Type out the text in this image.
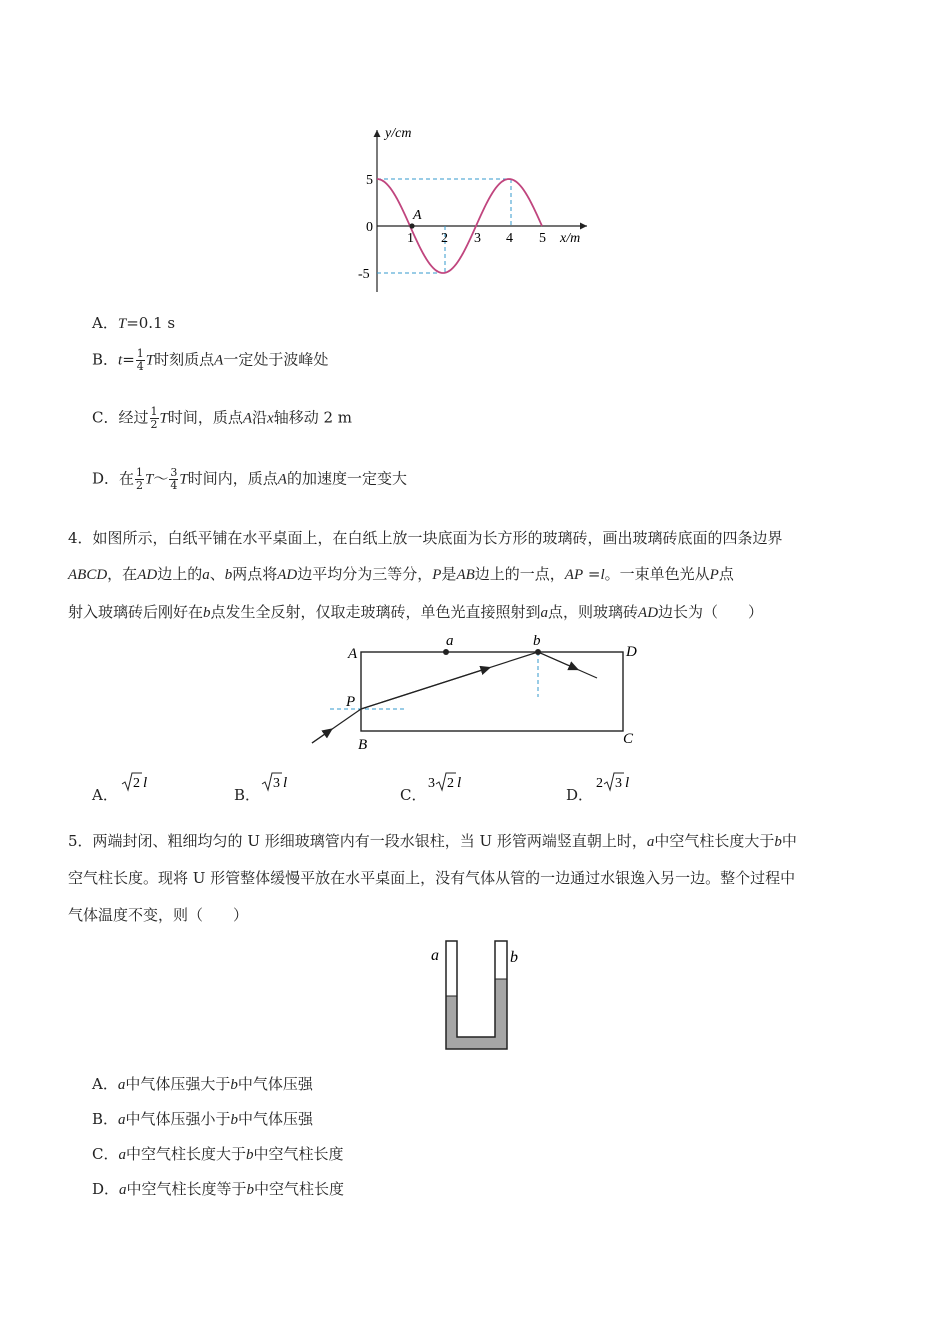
A
y/cm
x/m
5
0
-5
1 2 3 4 5
A．T=0.1 s
B．$t= \frac{1}{4}$ T时刻质点A一定处于波峰处
C．经过 $\frac{1}{2}$ T时间，质点A沿x轴移动 2 m
D．在 $\frac{1}{2}$ T～ $\frac{3}{4}$ T时间内，质点A的加速度一定变大
4．如图所示，白纸平铺在水平桌面上，在白纸上放一块底面为长方形的玻璃砖，画出玻璃砖底面的四条边界
ABCD，在AD边上的a、b两点将AD边平均分为三等分，P是AB边上的一点，AP =l。一束单色光从P点
射入玻璃砖后刚好在b点发生全反射，仅取走玻璃砖，单色光直接照射到a点，则玻璃砖AD边长为（　　）
A
B	C
D
P
a	b
A．
2 l
B．
3 l
C．
3 2 l
D．
2 3 l
5．两端封闭、粗细均匀的 U 形细玻璃管内有一段水银柱，当 U 形管两端竖直朝上时，a中空气柱长度大于b中
空气柱长度。现将 U 形管整体缓慢平放在水平桌面上，没有气体从管的一边通过水银逸入另一边。整个过程中
气体温度不变，则（　　）
a	b
A．a中气体压强大于b中气体压强
B．a中气体压强小于b中气体压强
C．a中空气柱长度大于b中空气柱长度
D．a中空气柱长度等于b中空气柱长度
